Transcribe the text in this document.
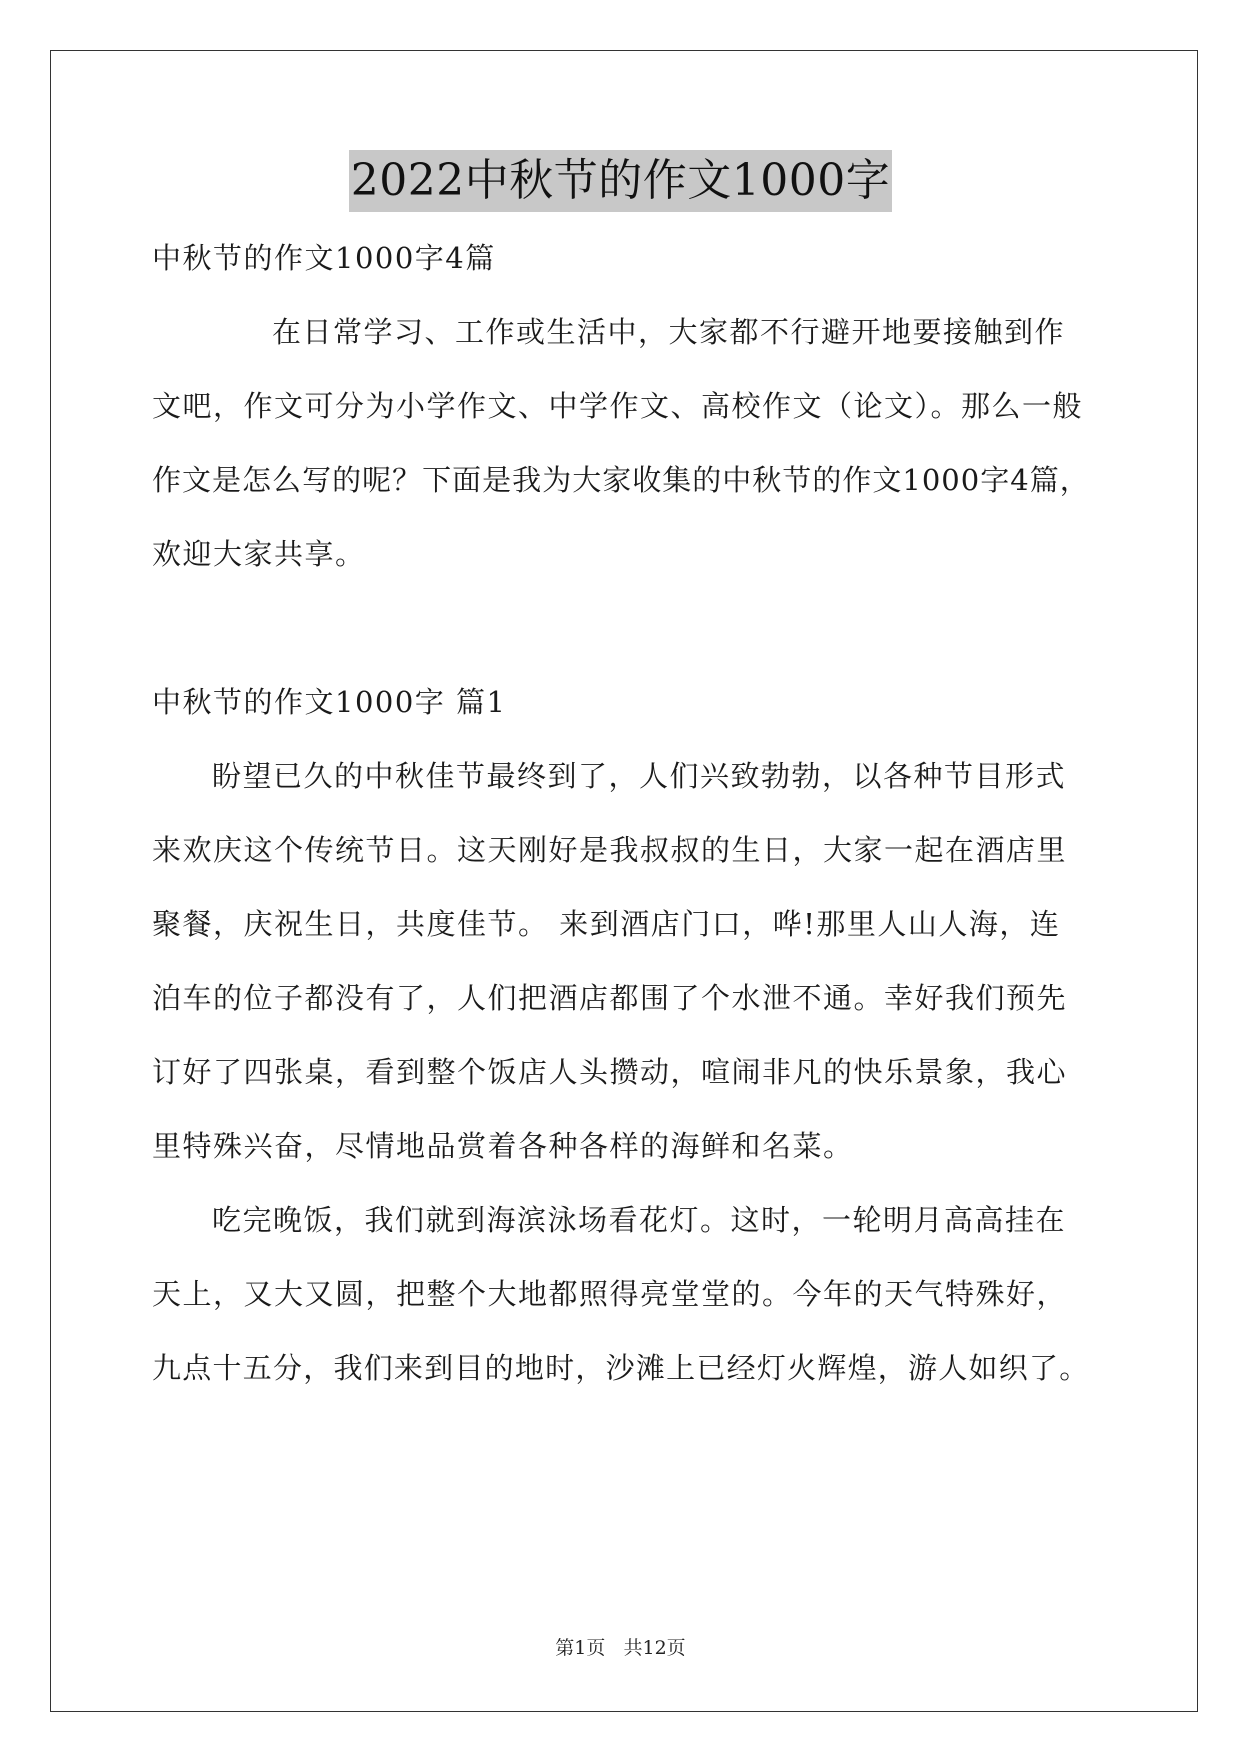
2022中秋节的作文1000字
中秋节的作文1000字4篇
在日常学习、工作或生活中，大家都不行避开地要接触到作
文吧，作文可分为小学作文、中学作文、高校作文（论文）。那么一般
作文是怎么写的呢？下面是我为大家收集的中秋节的作文1000字4篇，
欢迎大家共享。
中秋节的作文1000字 篇1
盼望已久的中秋佳节最终到了，人们兴致勃勃，以各种节目形式
来欢庆这个传统节日。这天刚好是我叔叔的生日，大家一起在酒店里
聚餐，庆祝生日，共度佳节。 来到酒店门口，哗!那里人山人海，连
泊车的位子都没有了，人们把酒店都围了个水泄不通。幸好我们预先
订好了四张桌，看到整个饭店人头攒动，喧闹非凡的快乐景象，我心
里特殊兴奋，尽情地品赏着各种各样的海鲜和名菜。
吃完晚饭，我们就到海滨泳场看花灯。这时，一轮明月高高挂在
天上，又大又圆，把整个大地都照得亮堂堂的。今年的天气特殊好，
九点十五分，我们来到目的地时，沙滩上已经灯火辉煌，游人如织了。
第1页   共12页
